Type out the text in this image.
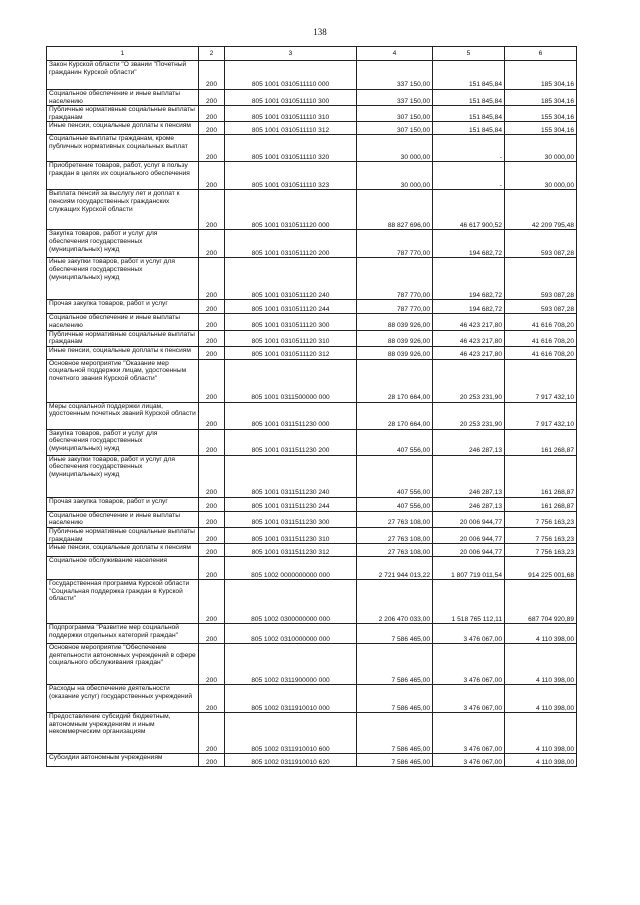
138
1	2	3	4	5	6
Закон Курской области "О звании "Почетный гражданин Курской области"	200	805 1001 0310511110 000	337 150,00	151 845,84	185 304,16
Социальное обеспечение и иные выплаты населению	200	805 1001 0310511110 300	337 150,00	151 845,84	185 304,16
Публичные нормативные социальные выплаты гражданам	200	805 1001 0310511110 310	307 150,00	151 845,84	155 304,16
Иные пенсии, социальные доплаты к пенсиям	200	805 1001 0310511110 312	307 150,00	151 845,84	155 304,16
Социальные выплаты гражданам, кроме публичных нормативных социальных выплат	200	805 1001 0310511110 320	30 000,00	-	30 000,00
Приобретение товаров, работ, услуг в пользу граждан в целях их социального обеспечения	200	805 1001 0310511110 323	30 000,00	-	30 000,00
Выплата пенсий за выслугу лет и доплат к пенсиям государственных гражданских служащих Курской области	200	805 1001 0310511120 000	88 827 696,00	46 617 900,52	42 209 795,48
Закупка товаров, работ и услуг для обеспечения государственных (муниципальных) нужд	200	805 1001 0310511120 200	787 770,00	194 682,72	593 087,28
Иные закупки товаров, работ и услуг для обеспечения государственных (муниципальных) нужд	200	805 1001 0310511120 240	787 770,00	194 682,72	593 087,28
Прочая закупка товаров, работ и услуг	200	805 1001 0310511120 244	787 770,00	194 682,72	593 087,28
Социальное обеспечение и иные выплаты населению	200	805 1001 0310511120 300	88 039 926,00	46 423 217,80	41 616 708,20
Публичные нормативные социальные выплаты гражданам	200	805 1001 0310511120 310	88 039 926,00	46 423 217,80	41 616 708,20
Иные пенсии, социальные доплаты к пенсиям	200	805 1001 0310511120 312	88 039 926,00	46 423 217,80	41 616 708,20
Основное мероприятие "Оказание мер социальной поддержки лицам, удостоенным почетного звания Курской области"	200	805 1001 0311500000 000	28 170 664,00	20 253 231,90	7 917 432,10
Меры социальной поддержки лицам, удостоенным почетных званий Курской области	200	805 1001 0311511230 000	28 170 664,00	20 253 231,90	7 917 432,10
Закупка товаров, работ и услуг для обеспечения государственных (муниципальных) нужд	200	805 1001 0311511230 200	407 556,00	246 287,13	161 268,87
Иные закупки товаров, работ и услуг для обеспечения государственных (муниципальных) нужд	200	805 1001 0311511230 240	407 556,00	246 287,13	161 268,87
Прочая закупка товаров, работ и услуг	200	805 1001 0311511230 244	407 556,00	246 287,13	161 268,87
Социальное обеспечение и иные выплаты населению	200	805 1001 0311511230 300	27 763 108,00	20 006 944,77	7 756 163,23
Публичные нормативные социальные выплаты гражданам	200	805 1001 0311511230 310	27 763 108,00	20 006 944,77	7 756 163,23
Иные пенсии, социальные доплаты к пенсиям	200	805 1001 0311511230 312	27 763 108,00	20 006 944,77	7 756 163,23
Социальное обслуживание населения	200	805 1002 0000000000 000	2 721 944 013,22	1 807 719 011,54	914 225 001,68
Государственная программа Курской области "Социальная поддержка граждан в Курской области"	200	805 1002 0300000000 000	2 206 470 033,00	1 518 765 112,11	687 704 920,89
Подпрограмма "Развитие мер социальной поддержки отдельных категорий граждан"	200	805 1002 0310000000 000	7 586 465,00	3 476 067,00	4 110 398,00
Основное мероприятие "Обеспечение деятельности автономных учреждений в сфере социального обслуживания граждан"	200	805 1002 0311900000 000	7 586 465,00	3 476 067,00	4 110 398,00
Расходы на обеспечение деятельности (оказание услуг) государственных учреждений	200	805 1002 0311910010 000	7 586 465,00	3 476 067,00	4 110 398,00
Предоставление субсидий бюджетным, автономным учреждениям и иным некоммерческим организациям	200	805 1002 0311910010 600	7 586 465,00	3 476 067,00	4 110 398,00
Субсидии автономным учреждениям	200	805 1002 0311910010 620	7 586 465,00	3 476 067,00	4 110 398,00
